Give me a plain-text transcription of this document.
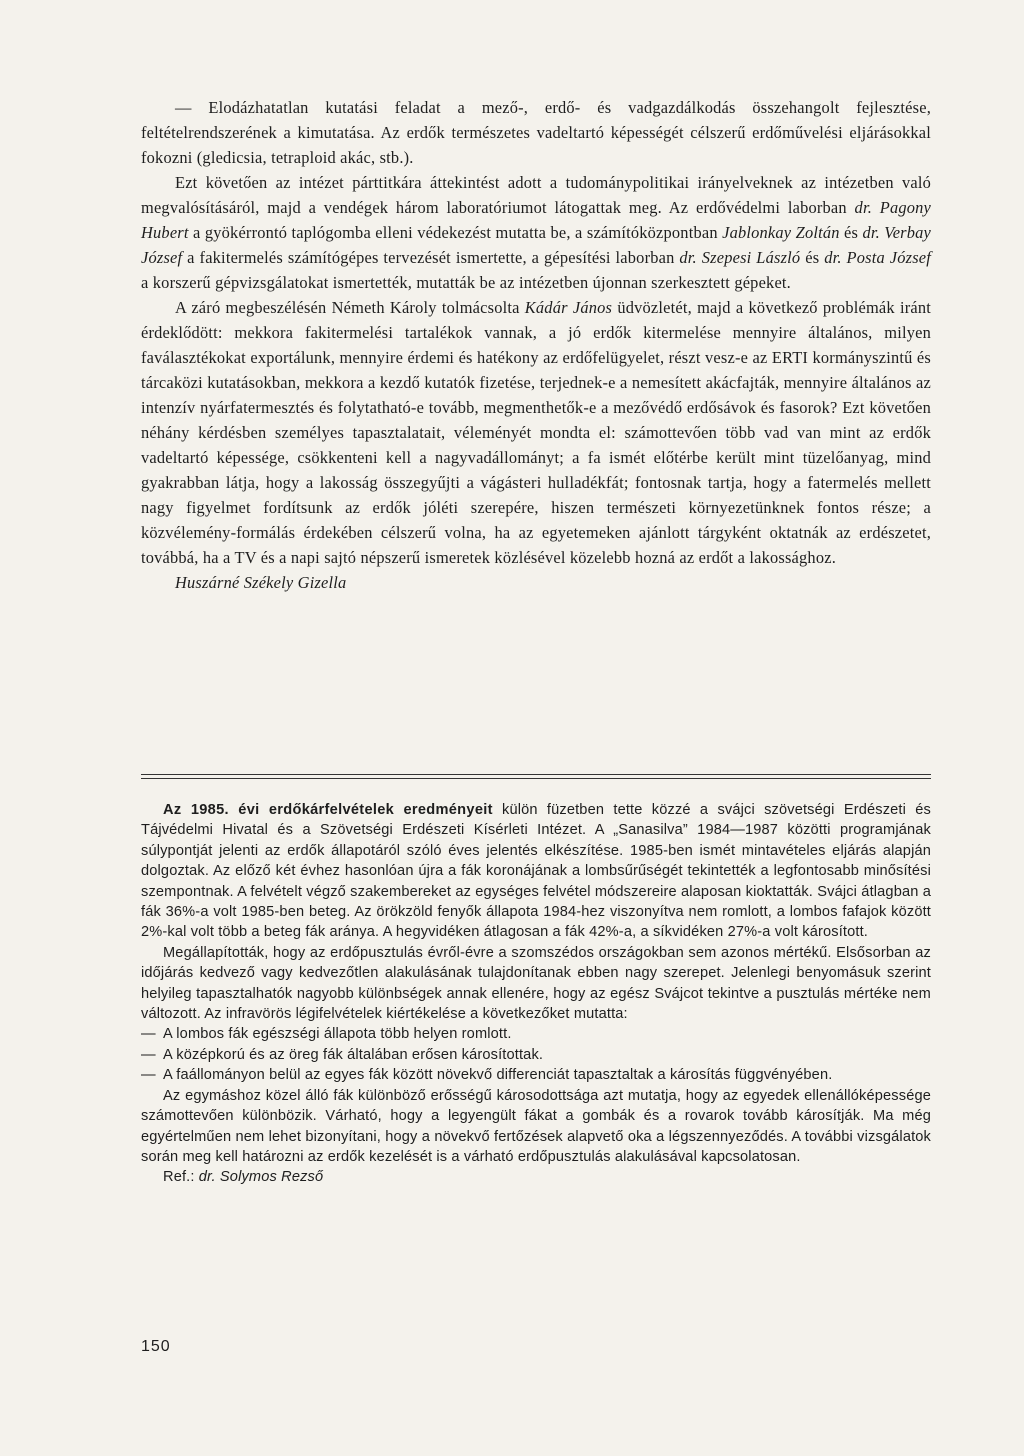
— Elodázhatatlan kutatási feladat a mező-, erdő- és vadgazdálkodás összehangolt fejlesztése, feltételrendszerének a kimutatása. Az erdők természetes vadeltartó képességét célszerű erdőművelési eljárásokkal fokozni (gledicsia, tetraploid akác, stb.).

Ezt követően az intézet párttitkára áttekintést adott a tudománypolitikai irányelveknek az intézetben való megvalósításáról, majd a vendégek három laboratóriumot látogattak meg. Az erdővédelmi laborban dr. Pagony Hubert a gyökérrontó taplógomba elleni védekezést mutatta be, a számítóközpontban Jablonkay Zoltán és dr. Verbay József a fakitermelés számítógépes tervezését ismertette, a gépesítési laborban dr. Szepesi László és dr. Posta József a korszerű gépvizsgálatokat ismertették, mutatták be az intézetben újonnan szerkesztett gépeket.

A záró megbeszélésén Németh Károly tolmácsolta Kádár János üdvözletét, majd a következő problémák iránt érdeklődött: mekkora fakitermelési tartalékok vannak, a jó erdők kitermelése mennyire általános, milyen faválasztékokat exportálunk, mennyire érdemi és hatékony az erdőfelügyelet, részt vesz-e az ERTI kormányszintű és tárcaközi kutatásokban, mekkora a kezdő kutatók fizetése, terjednek-e a nemesített akácfajták, mennyire általános az intenzív nyárfatermesztés és folytatható-e tovább, megmenthetők-e a mezővédő erdősávok és fasorok? Ezt követően néhány kérdésben személyes tapasztalatait, véleményét mondta el: számottevően több vad van mint az erdők vadeltartó képessége, csökkenteni kell a nagyvadállományt; a fa ismét előtérbe került mint tüzelőanyag, mind gyakrabban látja, hogy a lakosság összegyűjti a vágásteri hulladékfát; fontosnak tartja, hogy a fatermelés mellett nagy figyelmet fordítsunk az erdők jóléti szerepére, hiszen természeti környezetünknek fontos része; a közvélemény-formálás érdekében célszerű volna, ha az egyetemeken ajánlott tárgyként oktatnák az erdészetet, továbbá, ha a TV és a napi sajtó népszerű ismeretek közlésével közelebb hozná az erdőt a lakossághoz.

Huszárné Székely Gizella

Az 1985. évi erdőkárfelvételek eredményeit külön füzetben tette közzé a svájci szövetségi Erdészeti és Tájvédelmi Hivatal és a Szövetségi Erdészeti Kísérleti Intézet. A „Sanasilva” 1984—1987 közötti programjának súlypontját jelenti az erdők állapotáról szóló éves jelentés elkészítése. 1985-ben ismét mintavételes eljárás alapján dolgoztak. Az előző két évhez hasonlóan újra a fák koronájának a lombsűrűségét tekintették a legfontosabb minősítési szempontnak. A felvételt végző szakembereket az egységes felvétel módszereire alaposan kioktatták. Svájci átlagban a fák 36%-a volt 1985-ben beteg. Az örökzöld fenyők állapota 1984-hez viszonyítva nem romlott, a lombos fafajok között 2%-kal volt több a beteg fák aránya. A hegyvidéken átlagosan a fák 42%-a, a síkvidéken 27%-a volt károsított.

Megállapították, hogy az erdőpusztulás évről-évre a szomszédos országokban sem azonos mértékű. Elsősorban az időjárás kedvező vagy kedvezőtlen alakulásának tulajdonítanak ebben nagy szerepet. Jelenlegi benyomásuk szerint helyileg tapasztalhatók nagyobb különbségek annak ellenére, hogy az egész Svájcot tekintve a pusztulás mértéke nem változott. Az infravörös légifelvételek kiértékelése a következőket mutatta:

— A lombos fák egészségi állapota több helyen romlott.

— A középkorú és az öreg fák általában erősen károsítottak.

— A faállományon belül az egyes fák között növekvő differenciát tapasztaltak a károsítás függvényében.

Az egymáshoz közel álló fák különböző erősségű károsodottsága azt mutatja, hogy az egyedek ellenállóképessége számottevően különbözik. Várható, hogy a legyengült fákat a gombák és a rovarok tovább károsítják. Ma még egyértelműen nem lehet bizonyítani, hogy a növekvő fertőzések alapvető oka a légszennyeződés. A további vizsgálatok során meg kell határozni az erdők kezelését is a várható erdőpusztulás alakulásával kapcsolatosan.

Ref.: dr. Solymos Rezső

150
